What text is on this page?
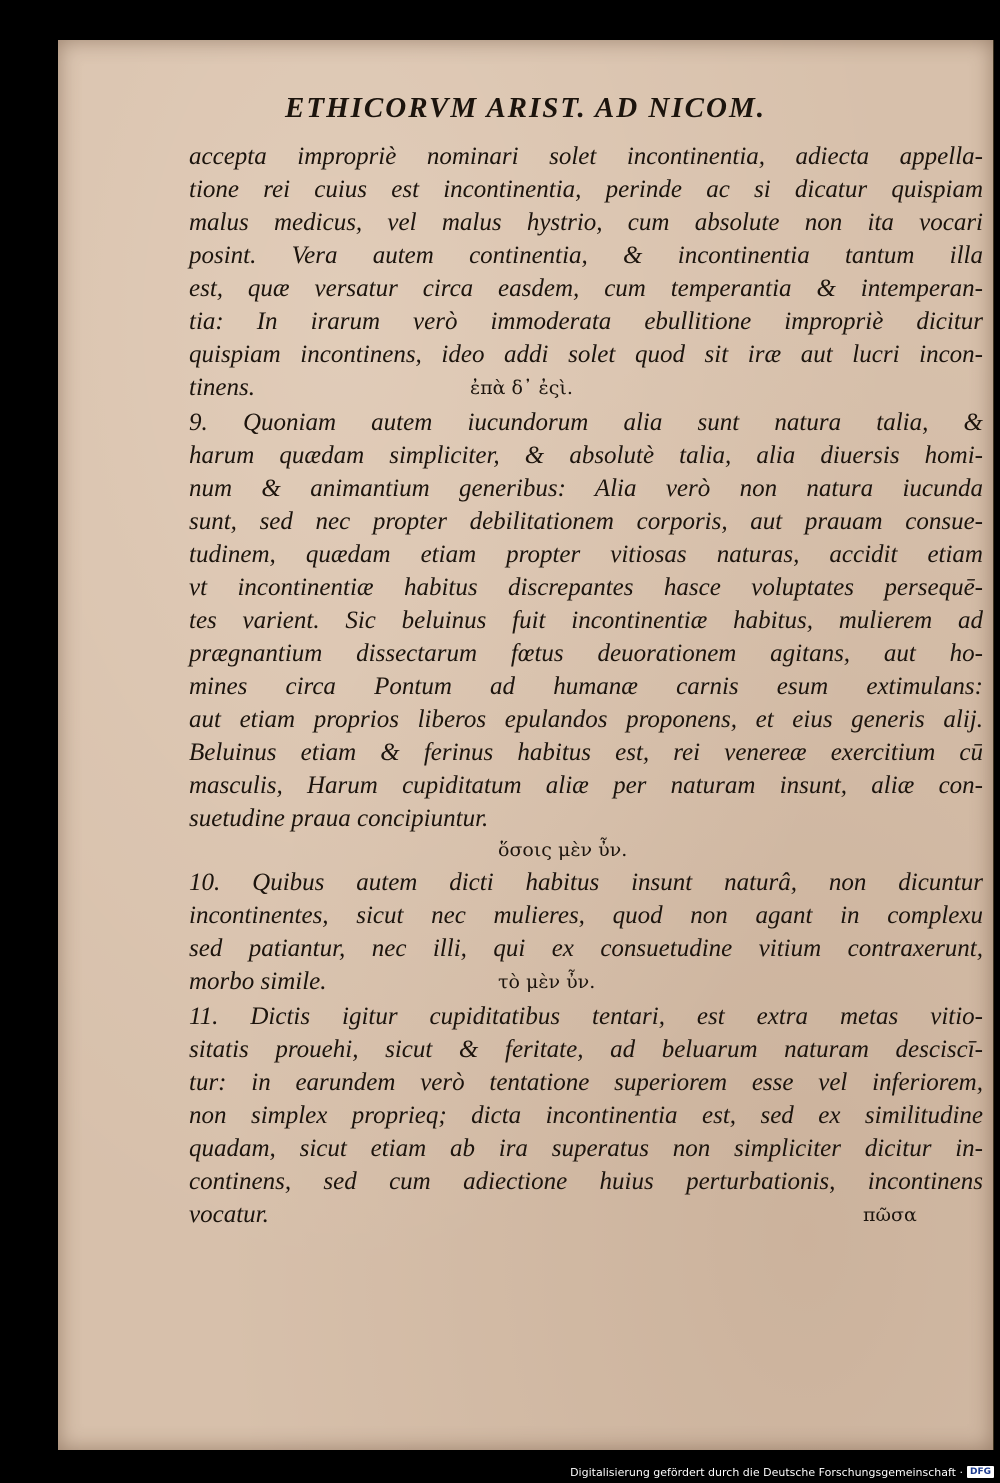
ETHICORVM ARIST. AD NICOM.

accepta impropriè nominari solet incontinentia, adiecta appella-

tione rei cuius est incontinentia, perinde ac si dicatur quispiam

malus medicus, vel malus hystrio, cum absolute non ita vocari

posint. Vera autem continentia, & incontinentia tantum illa

est, quæ versatur circa easdem, cum temperantia & intemperan-

tia: In irarum verò immoderata ebullitione impropriè dicitur

quispiam incontinens, ideo addi solet quod sit iræ aut lucri incon-

tinens.	ἐπὰ δ᾽ ἐςὶ.

9. Quoniam autem iucundorum alia sunt natura talia, &

harum quædam simpliciter, & absolutè talia, alia diuersis homi-

num & animantium generibus: Alia verò non natura iucunda

sunt, sed nec propter debilitationem corporis, aut prauam consue-

tudinem, quædam etiam propter vitiosas naturas, accidit etiam

vt incontinentiæ habitus discrepantes hasce voluptates persequē-

tes varient. Sic beluinus fuit incontinentiæ habitus, mulierem ad

prægnantium dissectarum fœtus deuorationem agitans, aut ho-

mines circa Pontum ad humanæ carnis esum extimulans:

aut etiam proprios liberos epulandos proponens, et eius generis alij.

Beluinus etiam & ferinus habitus est, rei venereæ exercitium cū

masculis, Harum cupiditatum aliæ per naturam insunt, aliæ con-

suetudine praua concipiuntur.

ὅσοις μὲν ὖν.

10. Quibus autem dicti habitus insunt naturâ, non dicuntur

incontinentes, sicut nec mulieres, quod non agant in complexu

sed patiantur, nec illi, qui ex consuetudine vitium contraxerunt,

morbo simile.	τὸ μὲν ὖν.

11. Dictis igitur cupiditatibus tentari, est extra metas vitio-

sitatis prouehi, sicut & feritate, ad beluarum naturam desciscī-

tur: in earundem verò tentatione superiorem esse vel inferiorem,

non simplex proprieq; dicta incontinentia est, sed ex similitudine

quadam, sicut etiam ab ira superatus non simpliciter dicitur in-

continens, sed cum adiectione huius perturbationis, incontinens

vocatur.	πῶσα

Digitalisierung gefördert durch die Deutsche Forschungsgemeinschaft · DFG
